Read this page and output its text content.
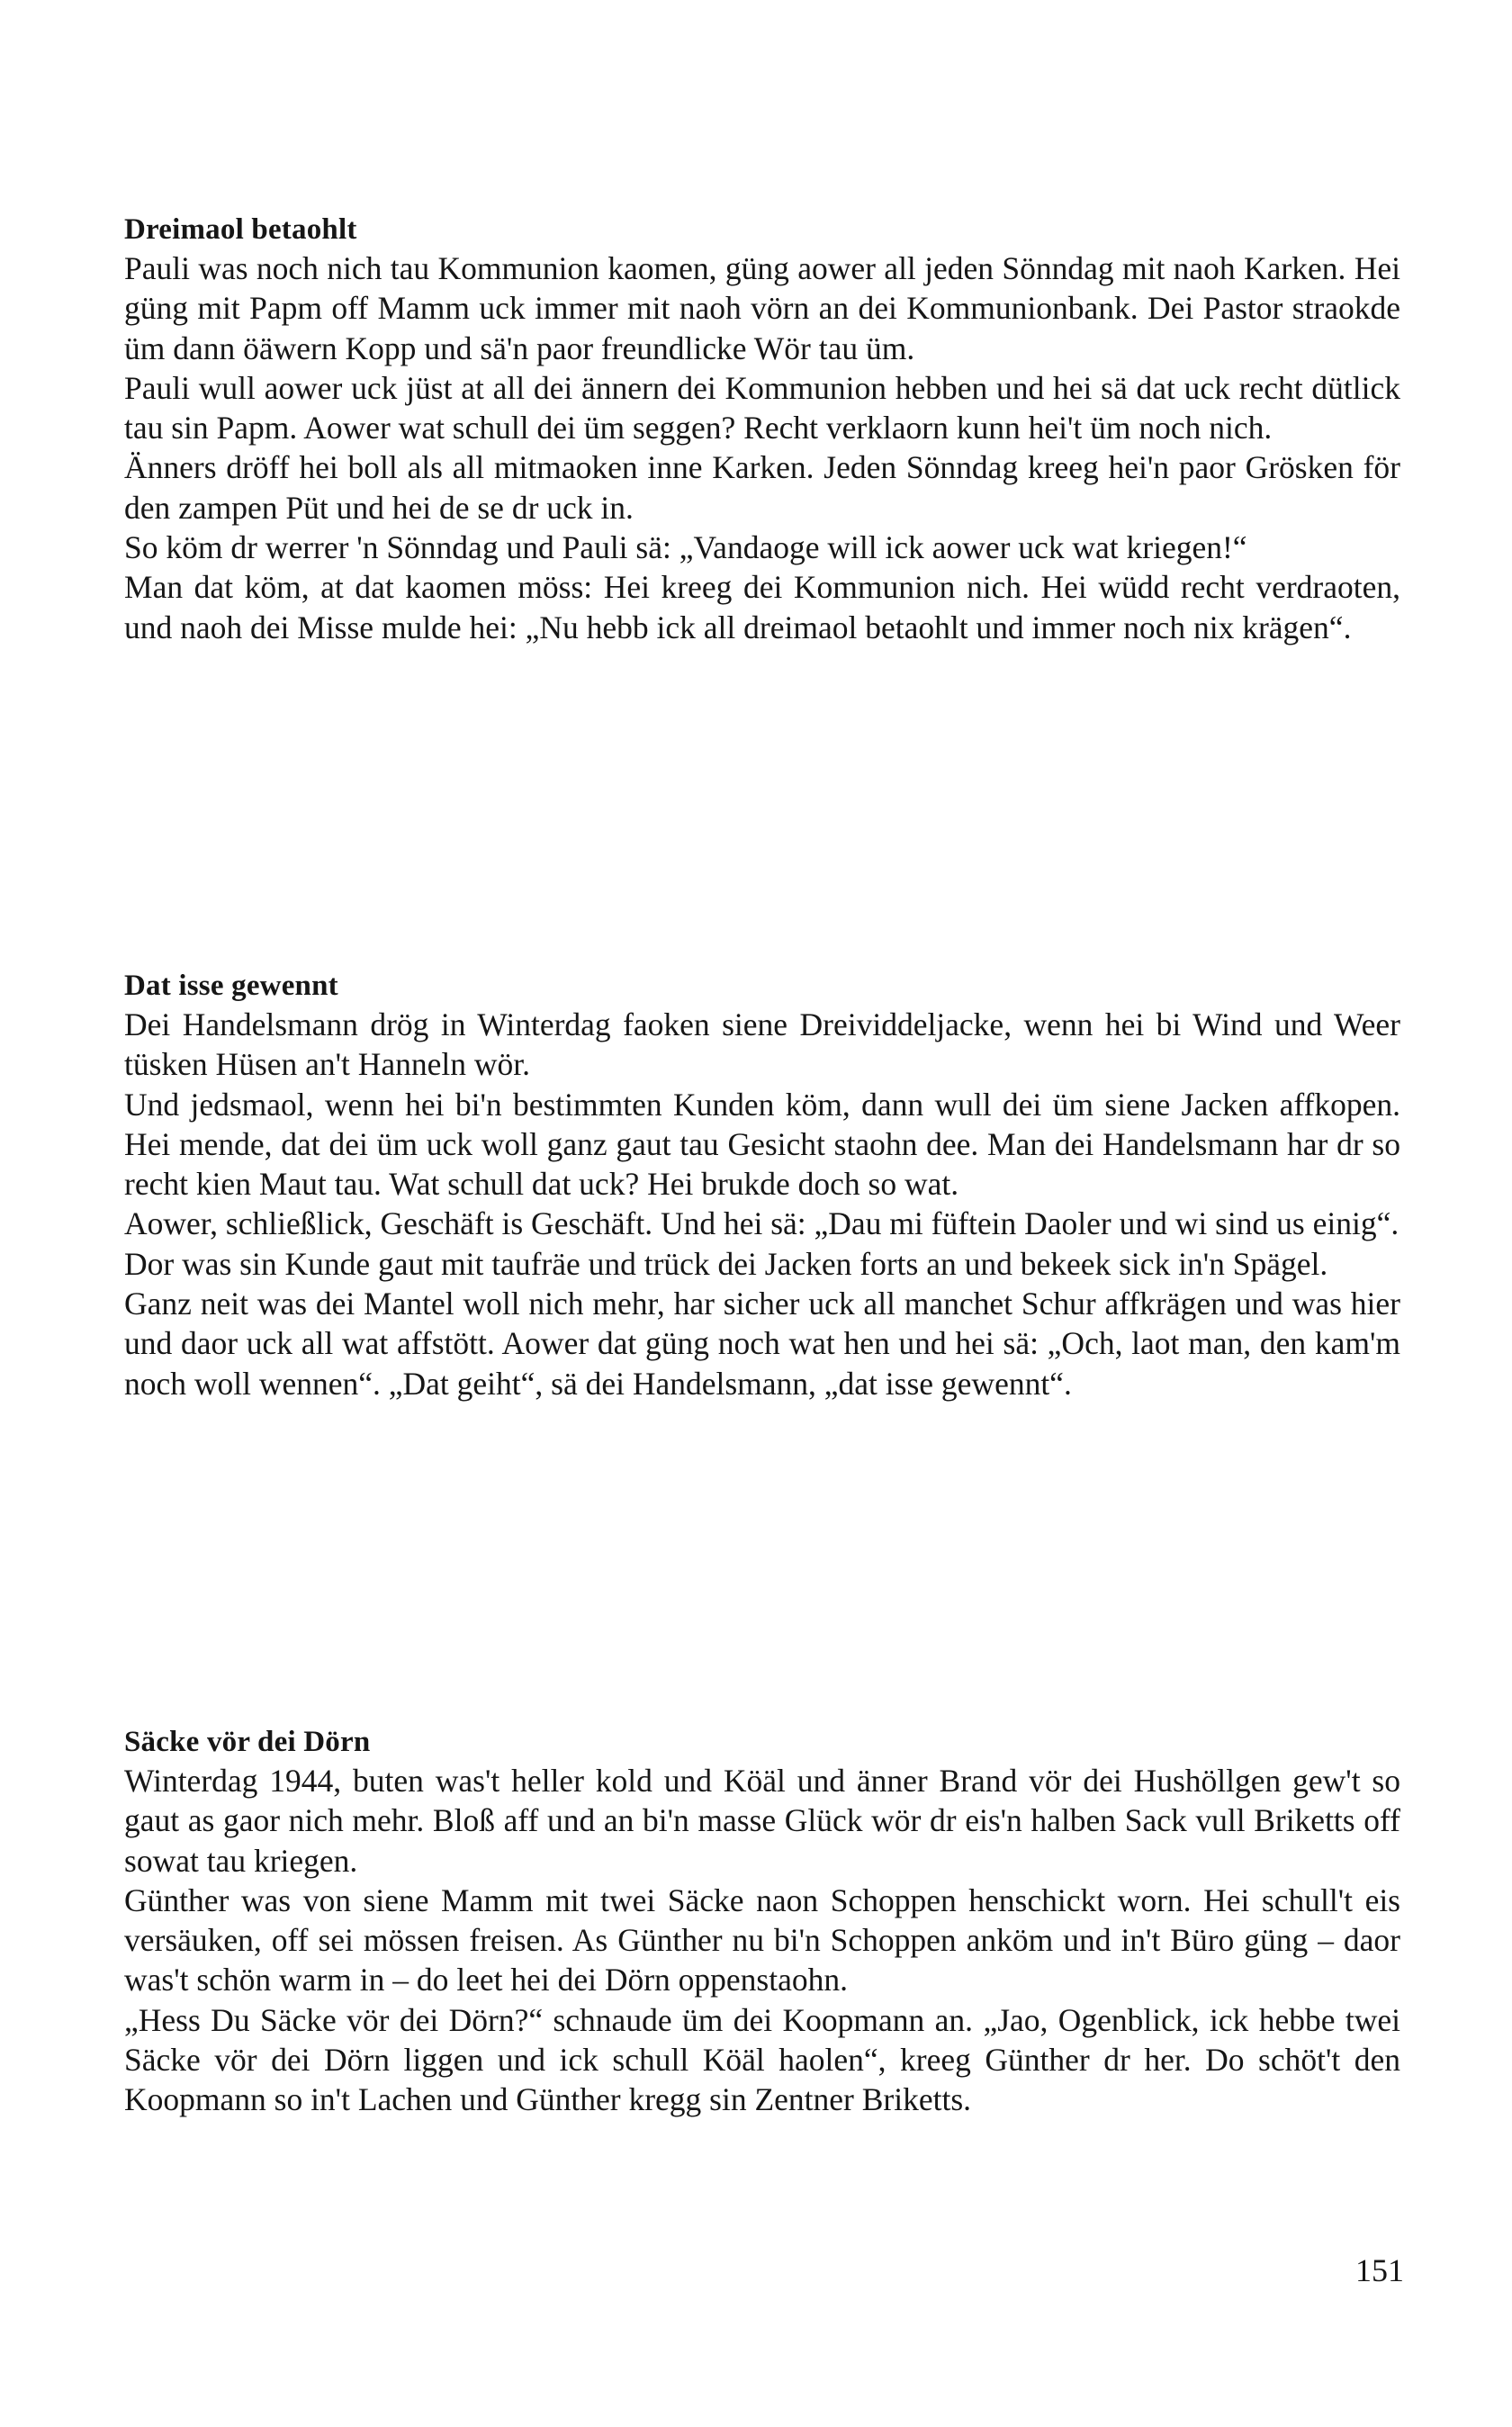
Dreimaol betaohlt

Pauli was noch nich tau Kommunion kaomen, güng aower all jeden Sönndag mit naoh Karken. Hei güng mit Papm off Mamm uck immer mit naoh vörn an dei Kommunionbank. Dei Pastor straokde üm dann öäwern Kopp und sä'n paor freundlicke Wör tau üm.

Pauli wull aower uck jüst at all dei ännern dei Kommunion hebben und hei sä dat uck recht dütlick tau sin Papm. Aower wat schull dei üm seggen? Recht verklaorn kunn hei't üm noch nich.

Änners dröff hei boll als all mitmaoken inne Karken. Jeden Sönndag kreeg hei'n paor Grösken för den zampen Püt und hei de se dr uck in.

So köm dr werrer 'n Sönndag und Pauli sä: „Vandaoge will ick aower uck wat kriegen!“

Man dat köm, at dat kaomen möss: Hei kreeg dei Kommunion nich. Hei wüdd recht verdraoten, und naoh dei Misse mulde hei: „Nu hebb ick all dreimaol betaohlt und immer noch nix krägen“.

Dat isse gewennt

Dei Handelsmann drög in Winterdag faoken siene Dreividdeljacke, wenn hei bi Wind und Weer tüsken Hüsen an't Hanneln wör.

Und jedsmaol, wenn hei bi'n bestimmten Kunden köm, dann wull dei üm siene Jacken affkopen. Hei mende, dat dei üm uck woll ganz gaut tau Gesicht staohn dee. Man dei Handelsmann har dr so recht kien Maut tau. Wat schull dat uck? Hei brukde doch so wat.

Aower, schließlick, Geschäft is Geschäft. Und hei sä: „Dau mi füftein Daoler und wi sind us einig“.

Dor was sin Kunde gaut mit taufräe und trück dei Jacken forts an und bekeek sick in'n Spägel.

Ganz neit was dei Mantel woll nich mehr, har sicher uck all manchet Schur affkrägen und was hier und daor uck all wat affstött. Aower dat güng noch wat hen und hei sä: „Och, laot man, den kam'm noch woll wennen“. „Dat geiht“, sä dei Handelsmann, „dat isse gewennt“.

Säcke vör dei Dörn

Winterdag 1944, buten was't heller kold und Köäl und änner Brand vör dei Hushöllgen gew't so gaut as gaor nich mehr. Bloß aff und an bi'n masse Glück wör dr eis'n halben Sack vull Briketts off sowat tau kriegen.

Günther was von siene Mamm mit twei Säcke naon Schoppen henschickt worn. Hei schull't eis versäuken, off sei mössen freisen. As Günther nu bi'n Schoppen anköm und in't Büro güng – daor was't schön warm in – do leet hei dei Dörn oppenstaohn.

„Hess Du Säcke vör dei Dörn?“ schnaude üm dei Koopmann an. „Jao, Ogenblick, ick hebbe twei Säcke vör dei Dörn liggen und ick schull Köäl haolen“, kreeg Günther dr her. Do schöt't den Koopmann so in't Lachen und Günther kregg sin Zentner Briketts.

151
